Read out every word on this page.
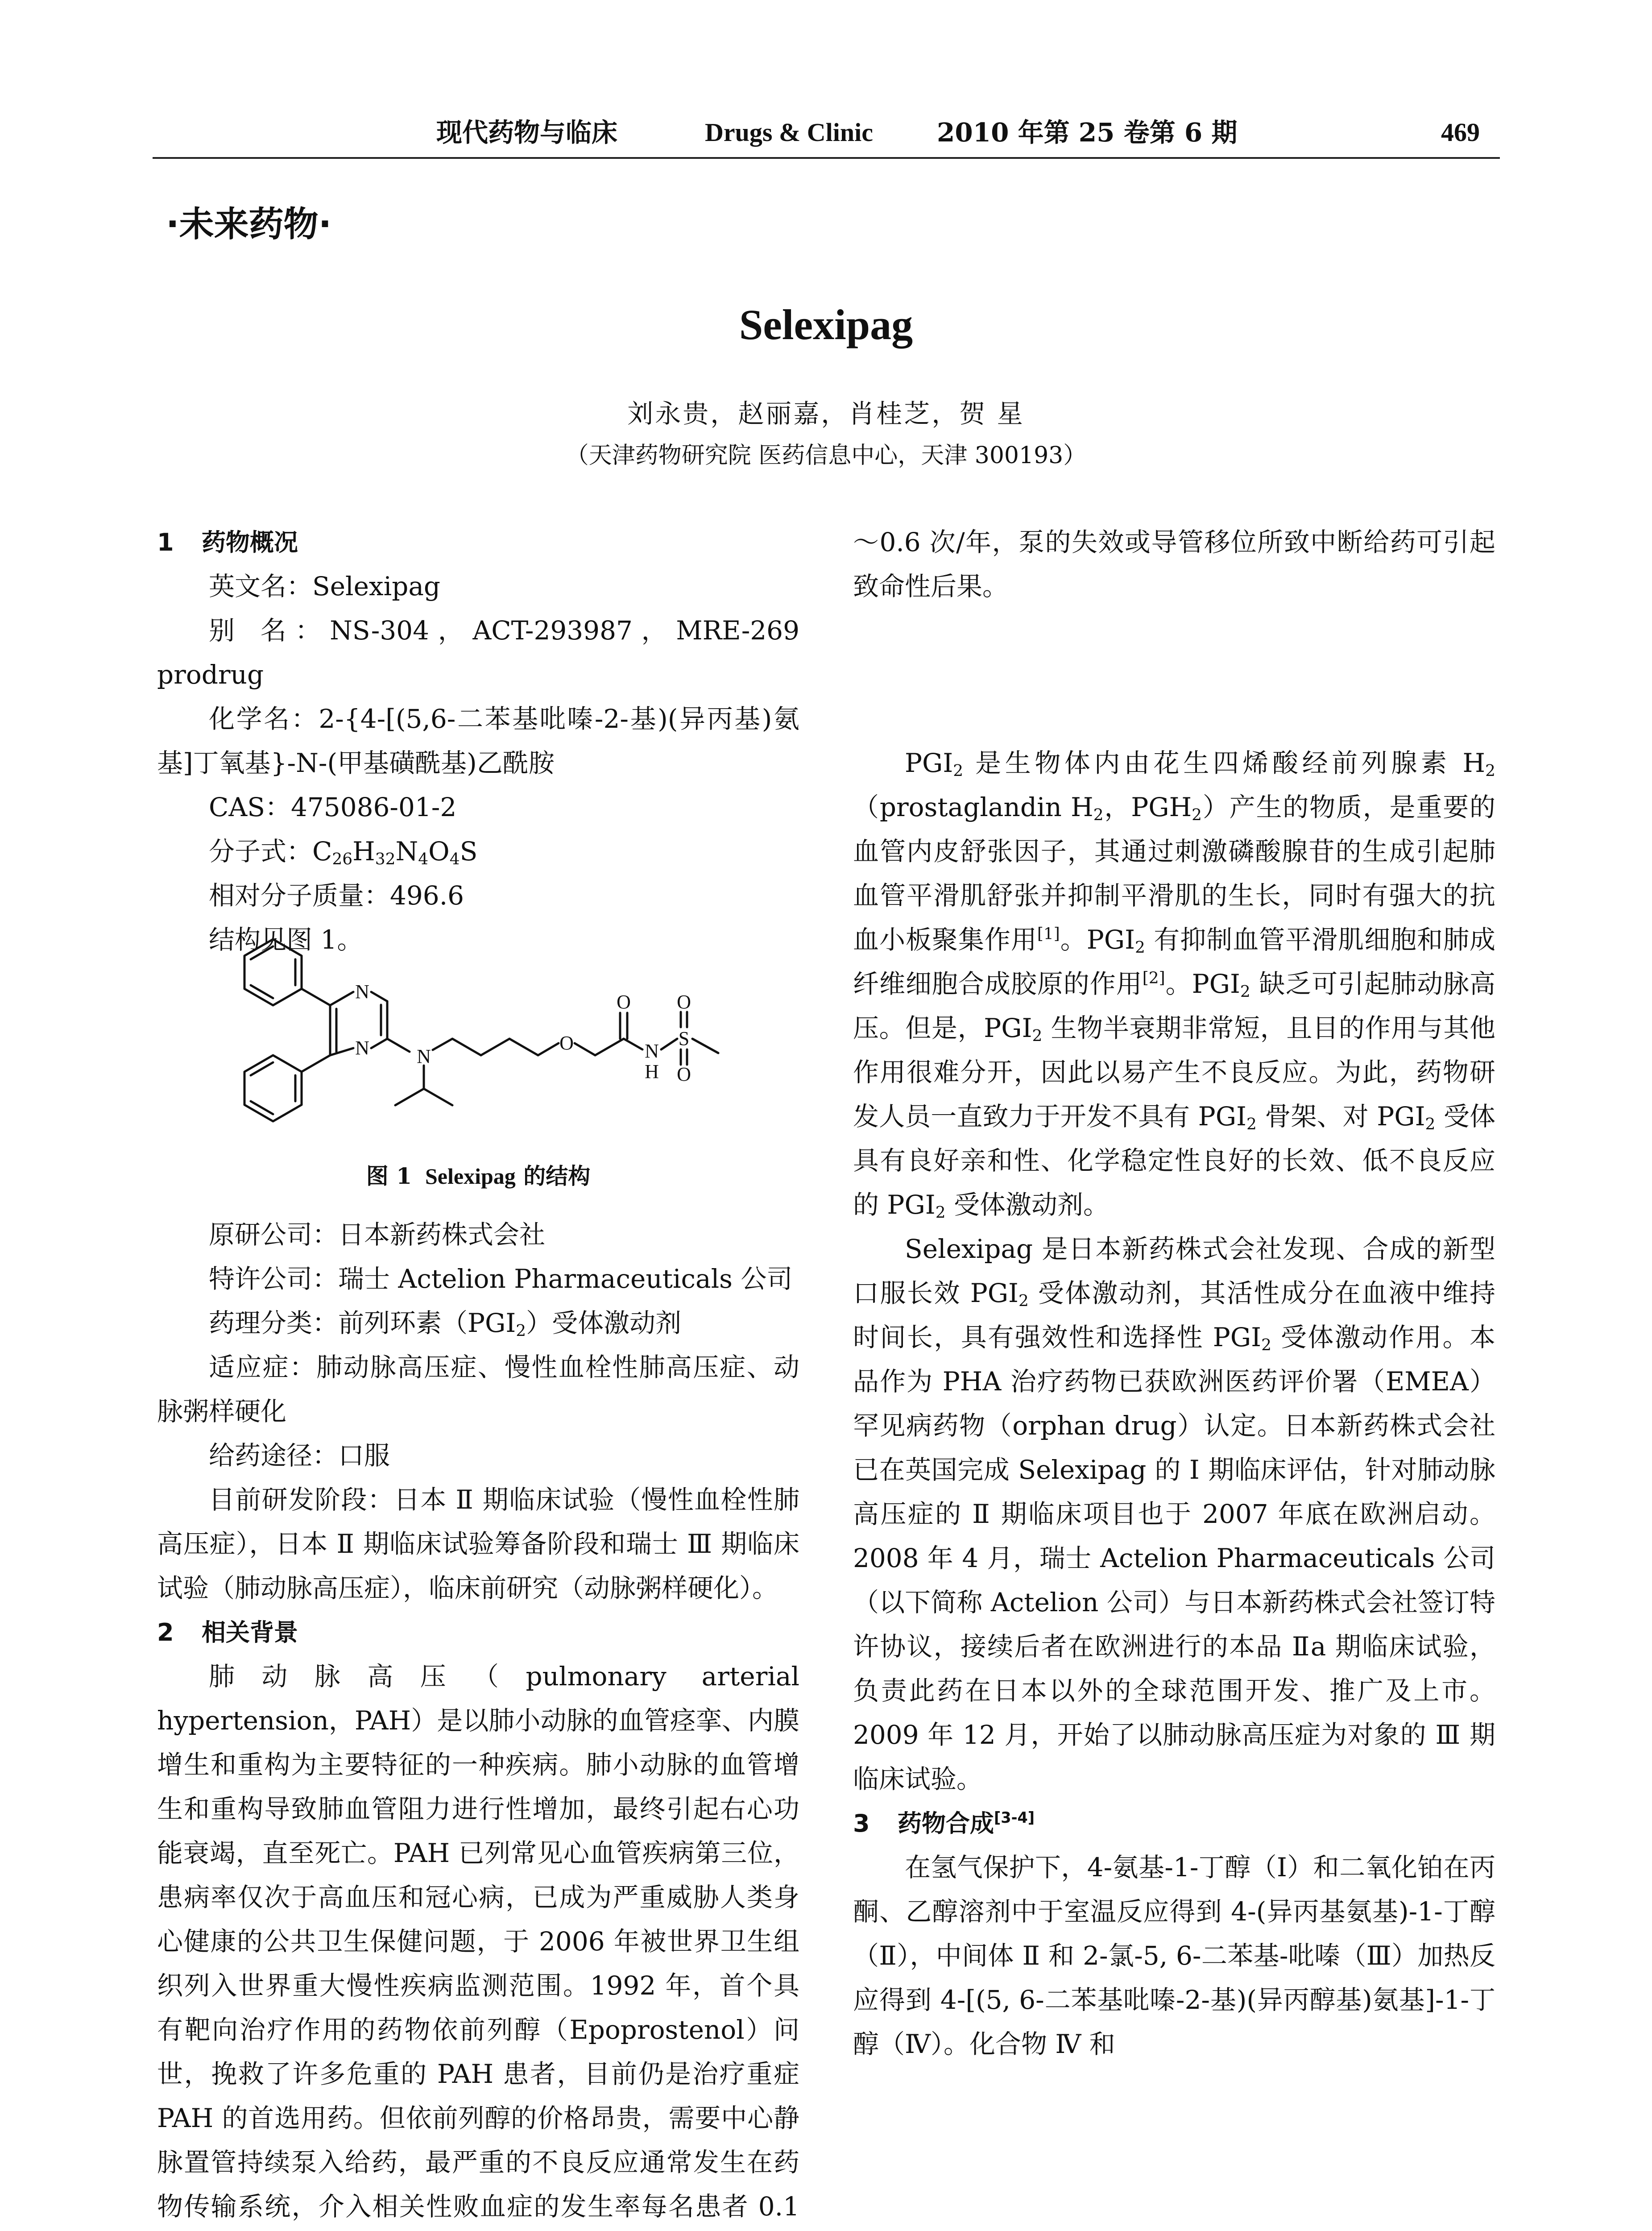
现代药物与临床	Drugs & Clinic 2010 年第 25 卷第 6 期	469
·未来药物·
Selexipag
刘永贵，赵丽嘉，肖桂芝，贺 星
（天津药物研究院 医药信息中心，天津 300193）

1 药物概况

英文名：Selexipag

别 名：NS-304，ACT-293987，MRE-269 prodrug

化学名：2-{4-[(5,6-二苯基吡嗪-2-基)(异丙基)氨基]丁氧基}-N-(甲基磺酰基)乙酰胺

CAS：475086-01-2

分子式：$C_{26}H_{32}N_4O_4S$

相对分子质量：496.6

结构见图 1。

N
N N
O
O
N
H
S
O
O
图 1 Selexipag 的结构

原研公司：日本新药株式会社

特许公司：瑞士 Actelion Pharmaceuticals 公司

药理分类：前列环素$(PGI_2)$受体激动剂

适应症：肺动脉高压症、慢性血栓性肺高压症、动脉粥样硬化

给药途径：口服

目前研发阶段：日本 Ⅱ 期临床试验（慢性血栓性肺高压症），日本 Ⅱ 期临床试验筹备阶段和瑞士 Ⅲ 期临床试验（肺动脉高压症），临床前研究（动脉粥样硬化）。

2 相关背景

肺动脉高压（pulmonary arterial hypertension，PAH）是以肺小动脉的血管痉挛、内膜增生和重构为主要特征的一种疾病。肺小动脉的血管增生和重构导致肺血管阻力进行性增加，最终引起右心功能衰竭，直至死亡。PAH 已列常见心血管疾病第三位，患病率仅次于高血压和冠心病，已成为严重威胁人类身心健康的公共卫生保健问题，于 2006 年被世界卫生组织列入世界重大慢性疾病监测范围。1992 年，首个具有靶向治疗作用的药物依前列醇（Epoprostenol）问世，挽救了许多危重的 PAH 患者，目前仍是治疗重症 PAH 的首选用药。但依前列醇的价格昂贵，需要中心静脉置管持续泵入给药，最严重的不良反应通常发生在药物传输系统，介入相关性败血症的发生率每名患者 0.1

～0.6 次/年，泵的失效或导管移位所致中断给药可引起致命性后果。

$PGI_2$ 是生物体内由花生四烯酸经前列腺素 $H_2(prostaglandin$ $H_2$，$PGH_2$）产生的物质，是重要的血管内皮舒张因子，其通过刺激磷酸腺苷的生成引起肺血管平滑肌舒张并抑制平滑肌的生长，同时有强大的抗血小板聚集作用[1]。$PGI_2$ 有抑制血管平滑肌细胞和肺成纤维细胞合成胶原的作用[2]。$PGI_2$ 缺乏可引起肺动脉高压。但是，$PGI_2$ 生物半衰期非常短，且目的作用与其他作用很难分开，因此以易产生不良反应。为此，药物研发人员一直致力于开发不具有 $PGI_2$ 骨架、对 $PGI_2$ 受体具有良好亲和性、化学稳定性良好的长效、低不良反应的 $PGI_2$ 受体激动剂。

Selexipag 是日本新药株式会社发现、合成的新型口服长效 $PGI_2$ 受体激动剂，其活性成分在血液中维持时间长，具有强效性和选择性 $PGI_2$ 受体激动作用。本品作为 PHA 治疗药物已获欧洲医药评价署（EMEA）罕见病药物（orphan drug）认定。日本新药株式会社已在英国完成 Selexipag 的 Ⅰ 期临床评估，针对肺动脉高压症的 Ⅱ 期临床项目也于 2007 年底在欧洲启动。2008 年 4 月，瑞士 Actelion Pharmaceuticals 公司（以下简称 Actelion 公司）与日本新药株式会社签订特许协议，接续后者在欧洲进行的本品 Ⅱa 期临床试验，负责此药在日本以外的全球范围开发、推广及上市。2009 年 12 月，开始了以肺动脉高压症为对象的 Ⅲ 期临床试验。

3 药物合成[3-4]

在氢气保护下，4-氨基-1-丁醇（Ⅰ）和二氧化铂在丙酮、乙醇溶剂中于室温反应得到 4-(异丙基氨基)-1-丁醇（Ⅱ），中间体 Ⅱ 和 2-氯-5, 6-二苯基-吡嗪（Ⅲ）加热反应得到 4-[(5, 6-二苯基吡嗪-2-基)(异丙醇基)氨基]-1-丁醇（Ⅳ）。化合物 Ⅳ 和
